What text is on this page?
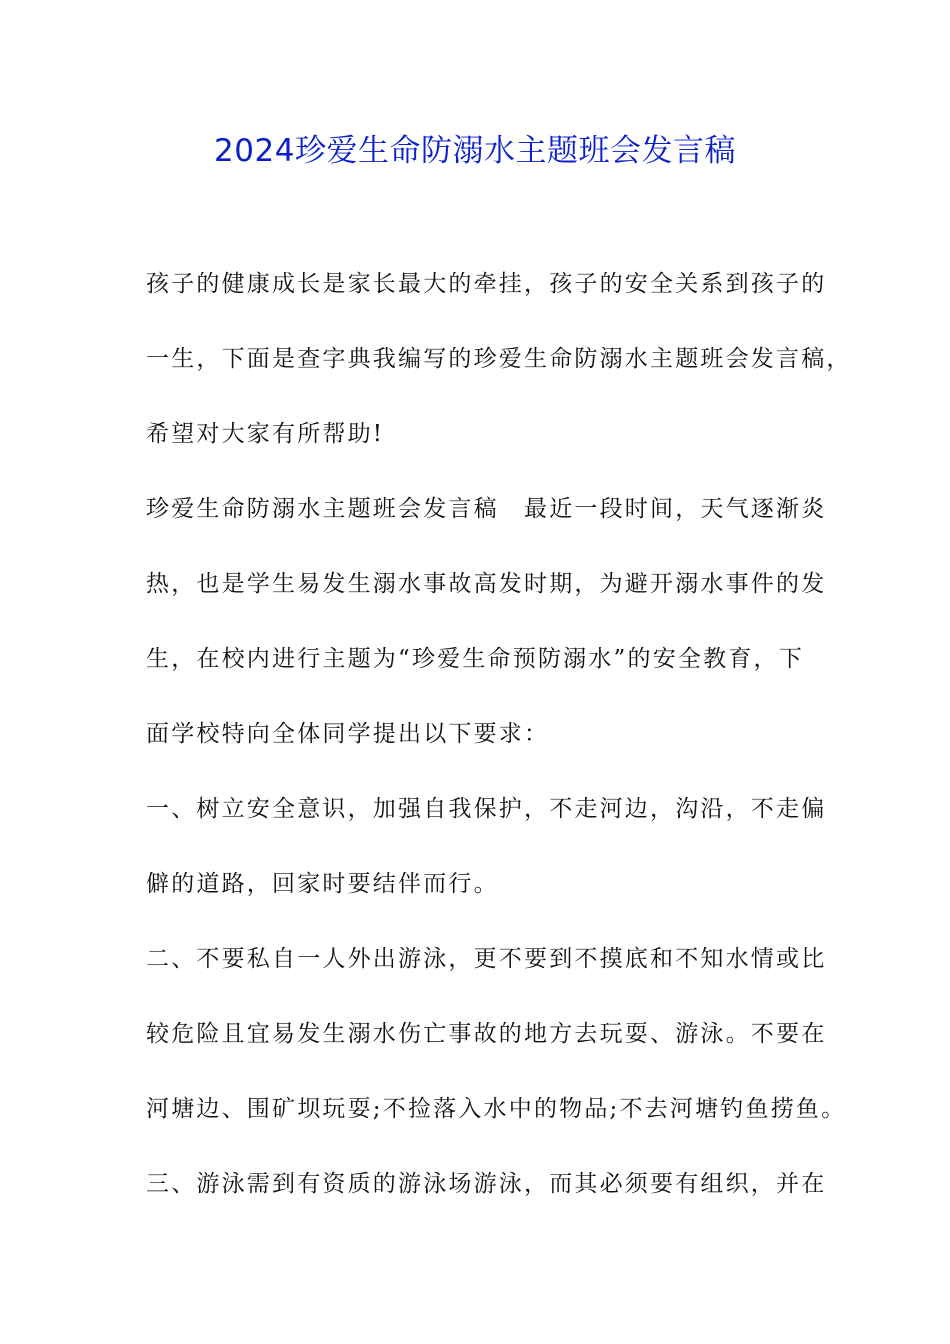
2024珍爱生命防溺水主题班会发言稿
孩子的健康成长是家长最大的牵挂，孩子的安全关系到孩子的
一生，下面是查字典我编写的珍爱生命防溺水主题班会发言稿，
希望对大家有所帮助!
珍爱生命防溺水主题班会发言稿　最近一段时间，天气逐渐炎
热，也是学生易发生溺水事故高发时期，为避开溺水事件的发
生，在校内进行主题为“珍爱生命预防溺水”的安全教育，下
面学校特向全体同学提出以下要求：
一、树立安全意识，加强自我保护，不走河边，沟沿，不走偏
僻的道路，回家时要结伴而行。
二、不要私自一人外出游泳，更不要到不摸底和不知水情或比
较危险且宜易发生溺水伤亡事故的地方去玩耍、游泳。不要在
河塘边、围矿坝玩耍;不捡落入水中的物品;不去河塘钓鱼捞鱼。
三、游泳需到有资质的游泳场游泳，而其必须要有组织，并在
